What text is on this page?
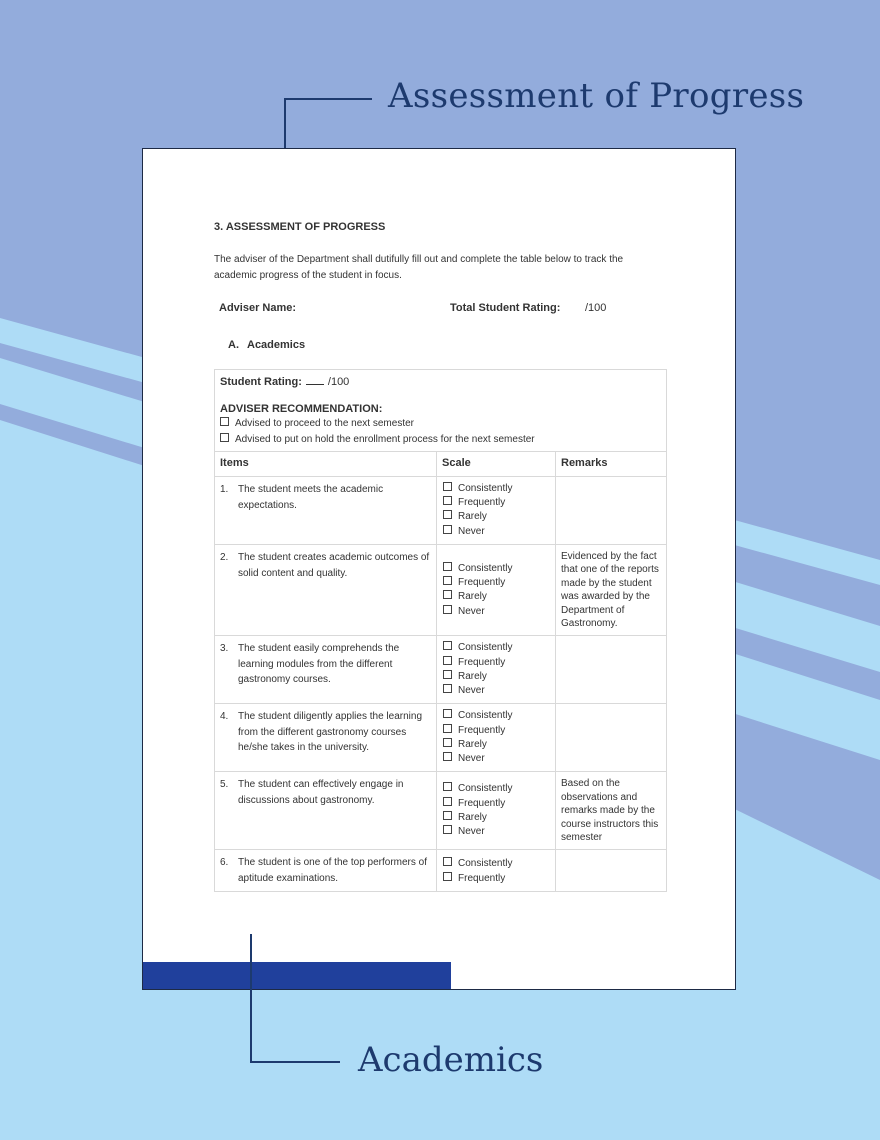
Assessment of Progress
3. ASSESSMENT OF PROGRESS
The adviser of the Department shall dutifully fill out and complete the table below to track the academic progress of the student in focus.
Adviser Name:	Total Student Rating: /100
A. Academics
Student Rating: /100
ADVISER RECOMMENDATION:
Advised to proceed to the next semester
Advised to put on hold the enrollment process for the next semester		

Items	Scale	Remarks

1. The student meets the academic expectations.	Consistently
Frequently
Rarely
Never	

2. The student creates academic outcomes of solid content and quality.	Consistently
Frequently
Rarely
Never	Evidenced by the fact that one of the reports made by the student was awarded by the Department of Gastronomy.

3. The student easily comprehends the learning modules from the different gastronomy courses.	Consistently
Frequently
Rarely
Never	

4. The student diligently applies the learning from the different gastronomy courses he/she takes in the university.	Consistently
Frequently
Rarely
Never	

5. The student can effectively engage in discussions about gastronomy.	Consistently
Frequently
Rarely
Never	Based on the observations and remarks made by the course instructors this semester

6. The student is one of the top performers of aptitude examinations.	Consistently
Frequently	

Academics
